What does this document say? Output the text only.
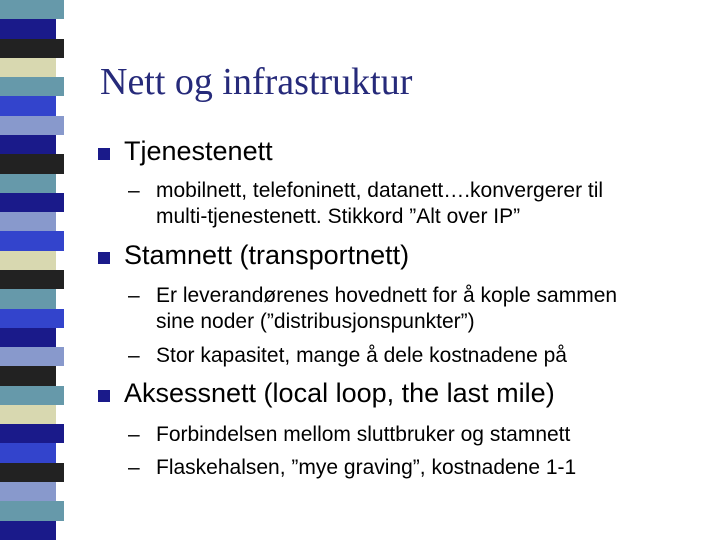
Nett og infrastruktur
Tjenestenett
– mobilnett, telefoninett, datanett….konvergerer til
multi-tjenestenett. Stikkord ”Alt over IP”
Stamnett (transportnett)
– Er leverandørenes hovednett for å kople sammen
sine noder (”distribusjonspunkter”)
– Stor kapasitet, mange å dele kostnadene på
Aksessnett (local loop, the last mile)
– Forbindelsen mellom sluttbruker og stamnett
– Flaskehalsen, ”mye graving”, kostnadene 1-1
